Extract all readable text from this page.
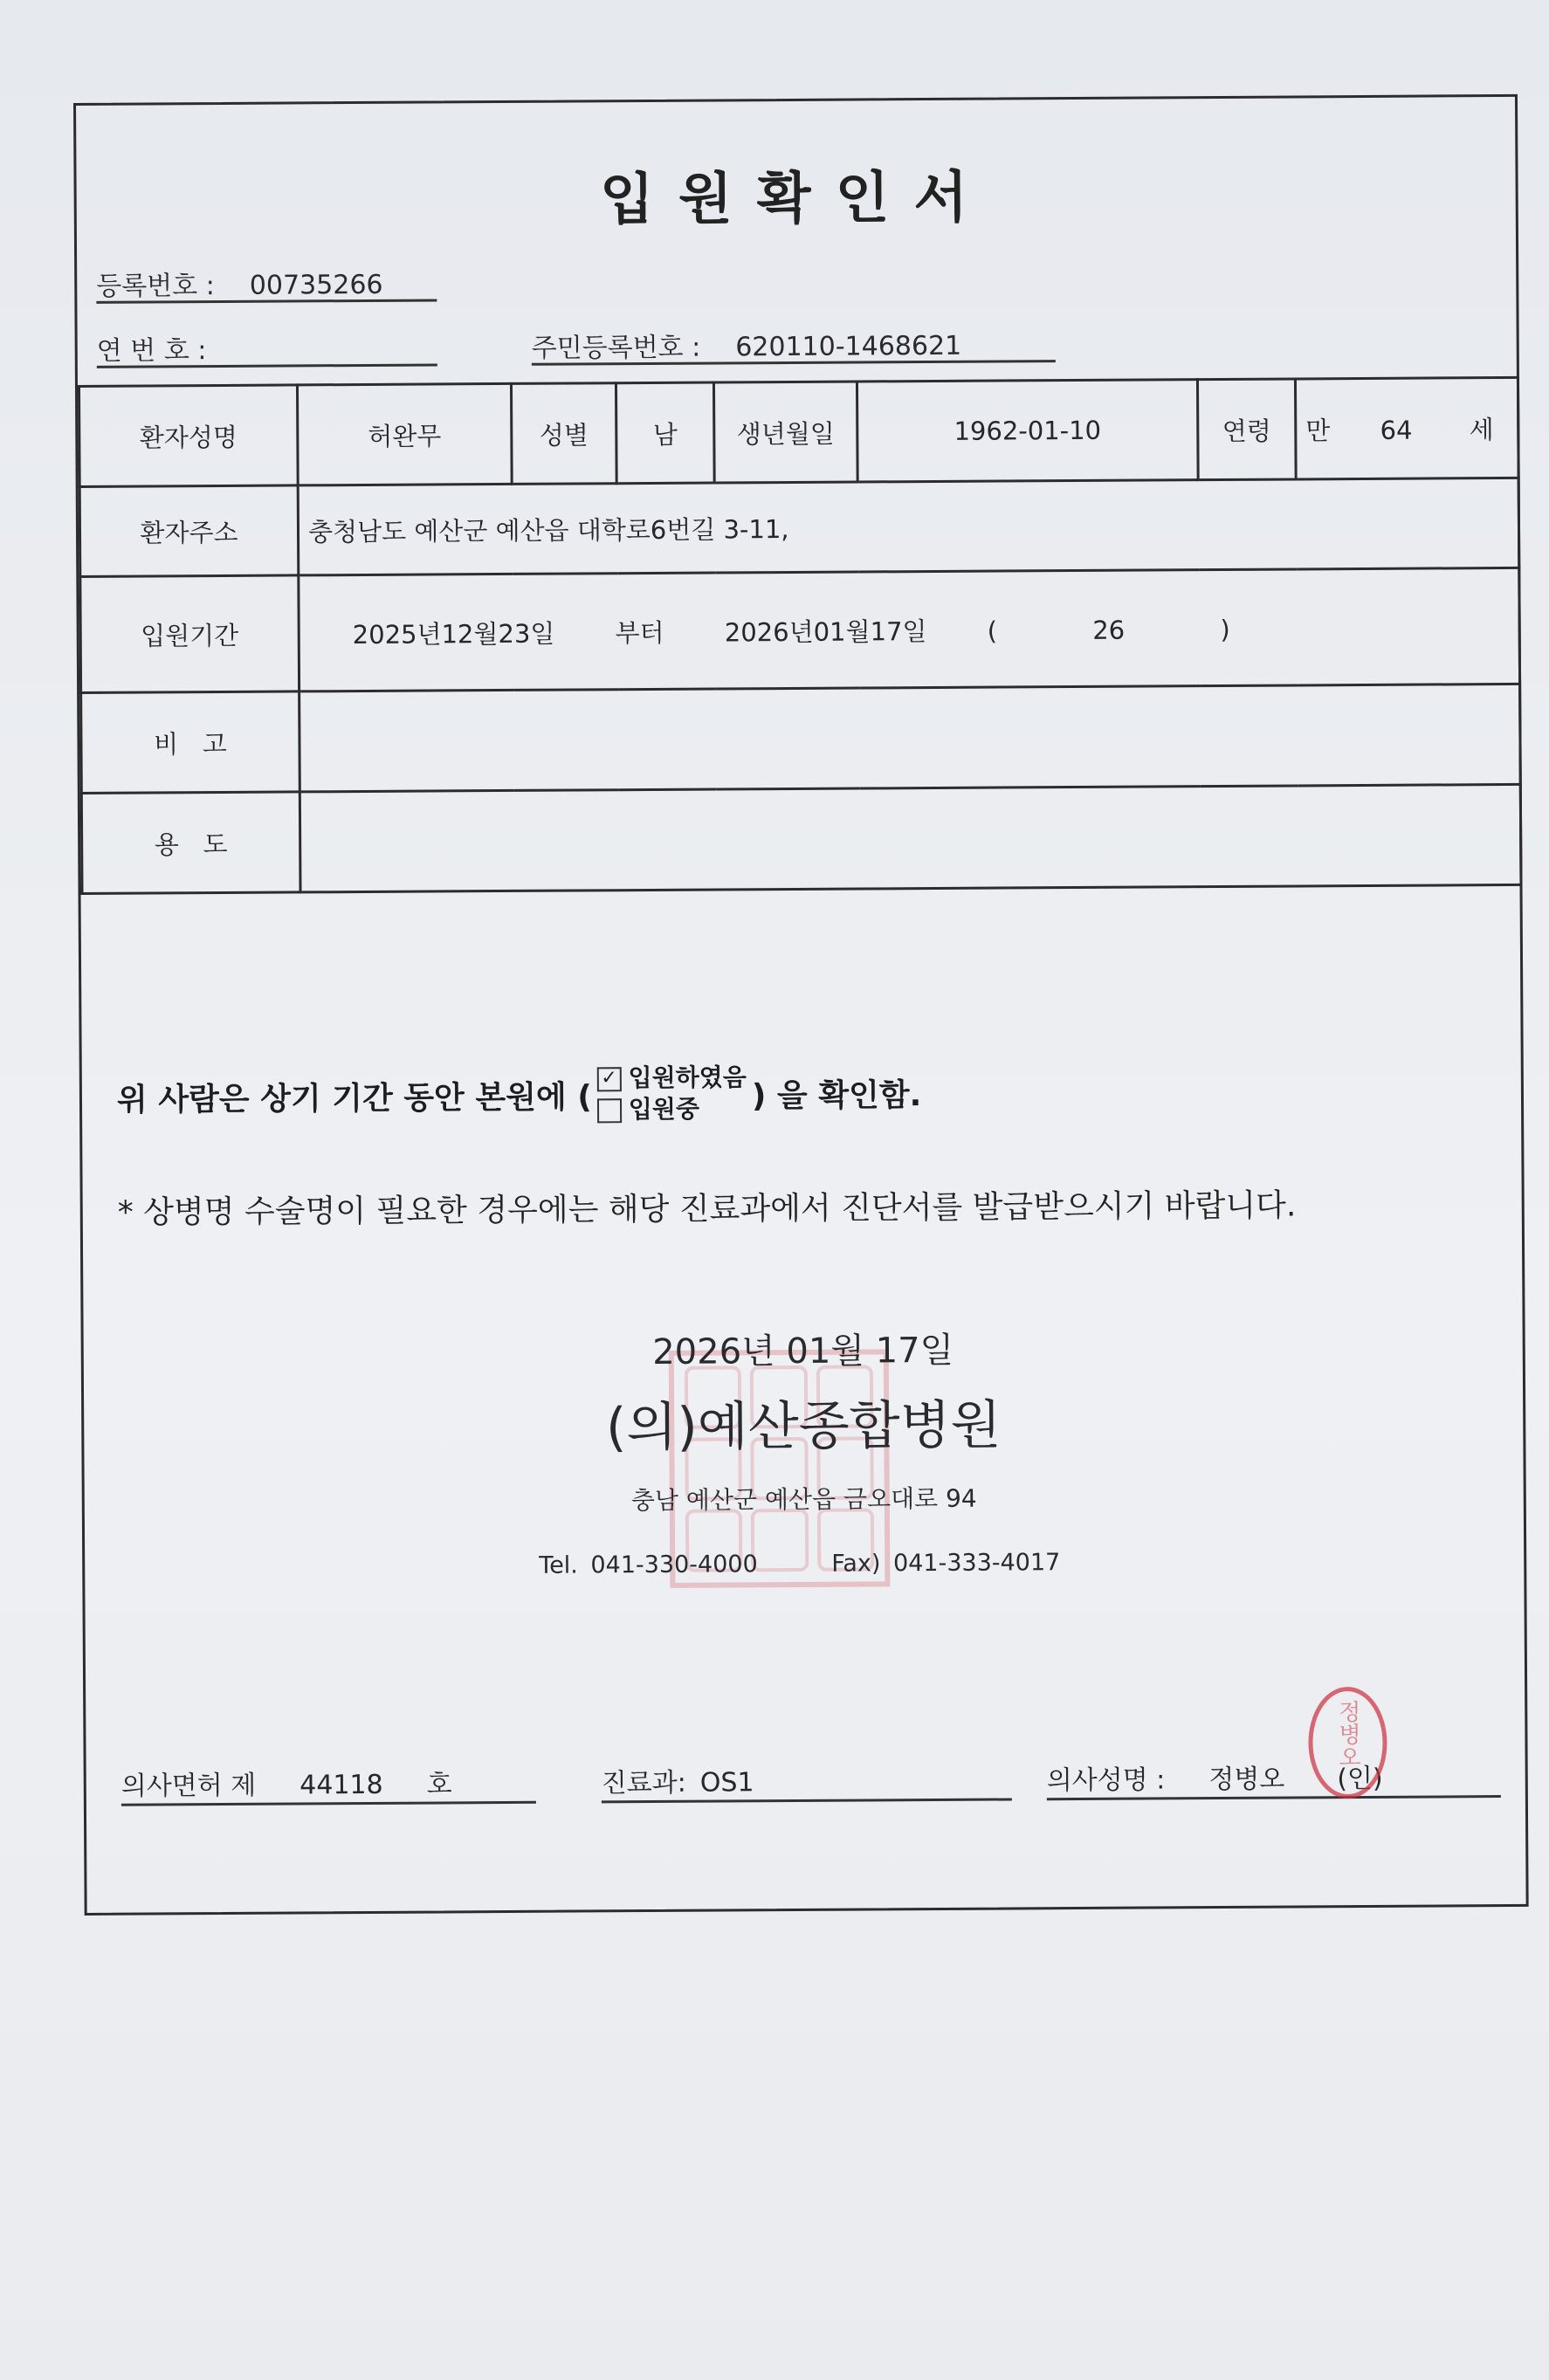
입원확인서
등록번호 : 00735266
연 번 호 :	주민등록번호 : 620110-1468621
환자성명	허완무	성별	남	생년월일	1962-01-10	연령	만 64 세
환자주소	충청남도 예산군 예산읍 대학로6번길 3-11,						
입원기간	2025년12월23일 부터 2026년01월17일 ( 26 )						
비   고							
용   도							
위 사람은 상기 기간 동안 본원에 (
✓ 입원하였음
입원중	) 을 확인함.
* 상병명 수술명이 필요한 경우에는 해당 진료과에서 진단서를 발급받으시기 바랍니다.
2026년 01월 17일
(의)예산종합병원
충남 예산군 예산읍 금오대로 94
Tel. 041-330-4000	Fax) 041-333-4017
의사면허 제 44118 호	진료과: OS1	의사성명 : 정병오 (인)
정병오
